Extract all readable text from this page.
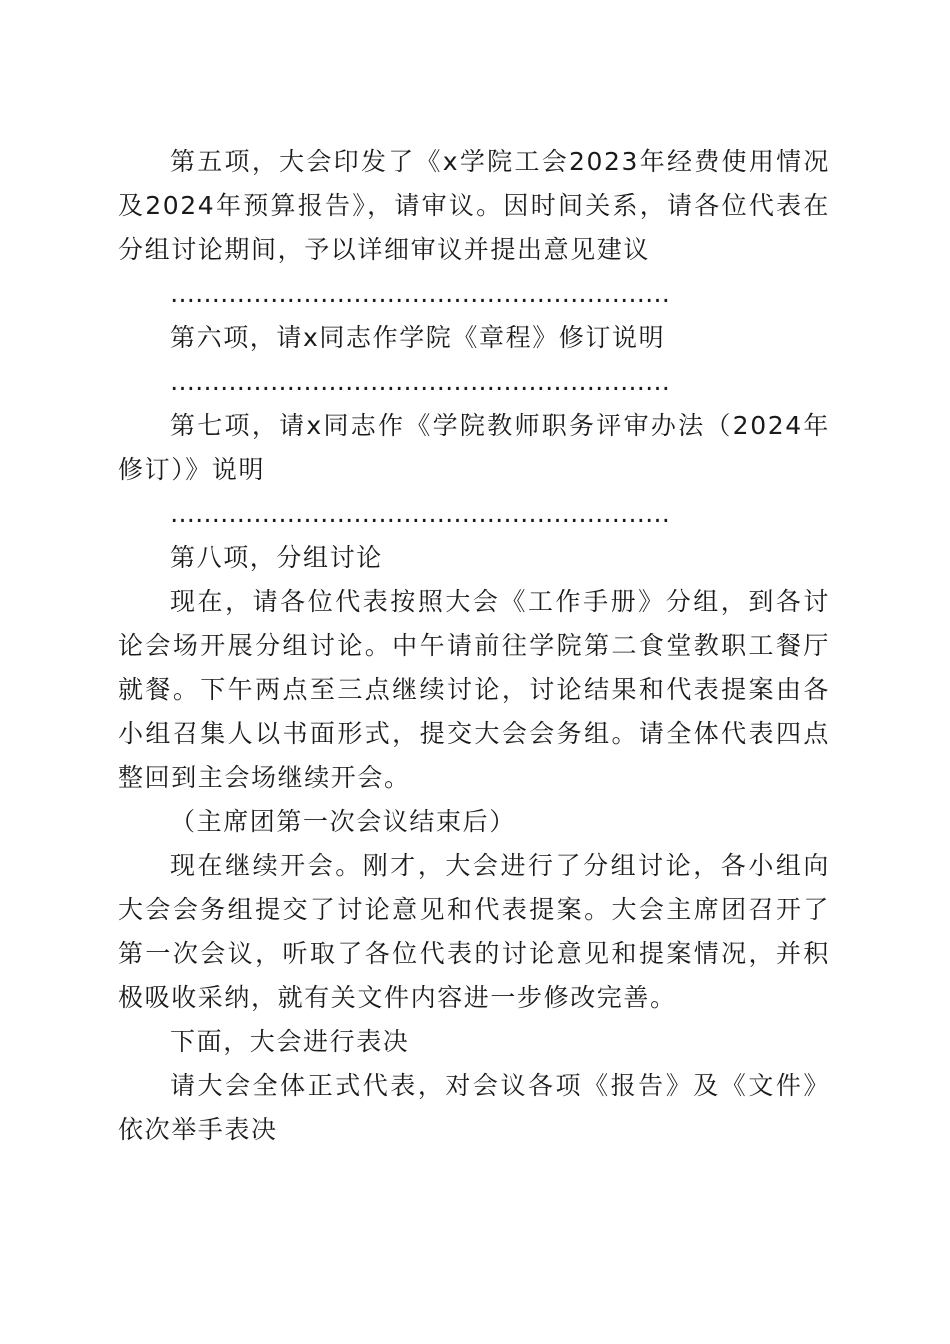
第五项，大会印发了《x学院工会2023年经费使用情况及2024年预算报告》，请审议。因时间关系，请各位代表在分组讨论期间，予以详细审议并提出意见建议

……………………………………………………

第六项，请x同志作学院《章程》修订说明

……………………………………………………

第七项，请x同志作《学院教师职务评审办法（2024年修订）》说明

……………………………………………………

第八项，分组讨论

现在，请各位代表按照大会《工作手册》分组，到各讨论会场开展分组讨论。中午请前往学院第二食堂教职工餐厅就餐。下午两点至三点继续讨论，讨论结果和代表提案由各小组召集人以书面形式，提交大会会务组。请全体代表四点整回到主会场继续开会。

（主席团第一次会议结束后）

现在继续开会。刚才，大会进行了分组讨论，各小组向大会会务组提交了讨论意见和代表提案。大会主席团召开了第一次会议，听取了各位代表的讨论意见和提案情况，并积极吸收采纳，就有关文件内容进一步修改完善。

下面，大会进行表决

请大会全体正式代表，对会议各项《报告》及《文件》依次举手表决
